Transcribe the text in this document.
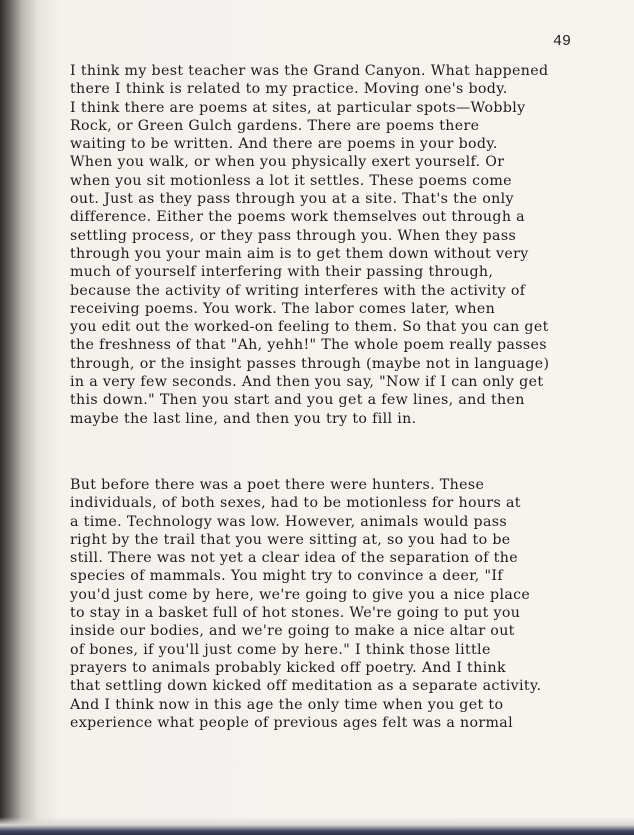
49
I think my best teacher was the Grand Canyon. What happened
there I think is related to my practice. Moving one's body.
I think there are poems at sites, at particular spots—Wobbly
Rock, or Green Gulch gardens. There are poems there
waiting to be written. And there are poems in your body.
When you walk, or when you physically exert yourself. Or
when you sit motionless a lot it settles. These poems come
out. Just as they pass through you at a site. That's the only
difference. Either the poems work themselves out through a
settling process, or they pass through you. When they pass
through you your main aim is to get them down without very
much of yourself interfering with their passing through,
because the activity of writing interferes with the activity of
receiving poems. You work. The labor comes later, when
you edit out the worked-on feeling to them. So that you can get
the freshness of that "Ah, yehh!" The whole poem really passes
through, or the insight passes through (maybe not in language)
in a very few seconds. And then you say, "Now if I can only get
this down." Then you start and you get a few lines, and then
maybe the last line, and then you try to fill in.
But before there was a poet there were hunters. These
individuals, of both sexes, had to be motionless for hours at
a time. Technology was low. However, animals would pass
right by the trail that you were sitting at, so you had to be
still. There was not yet a clear idea of the separation of the
species of mammals. You might try to convince a deer, "If
you'd just come by here, we're going to give you a nice place
to stay in a basket full of hot stones. We're going to put you
inside our bodies, and we're going to make a nice altar out
of bones, if you'll just come by here." I think those little
prayers to animals probably kicked off poetry. And I think
that settling down kicked off meditation as a separate activity.
And I think now in this age the only time when you get to
experience what people of previous ages felt was a normal
